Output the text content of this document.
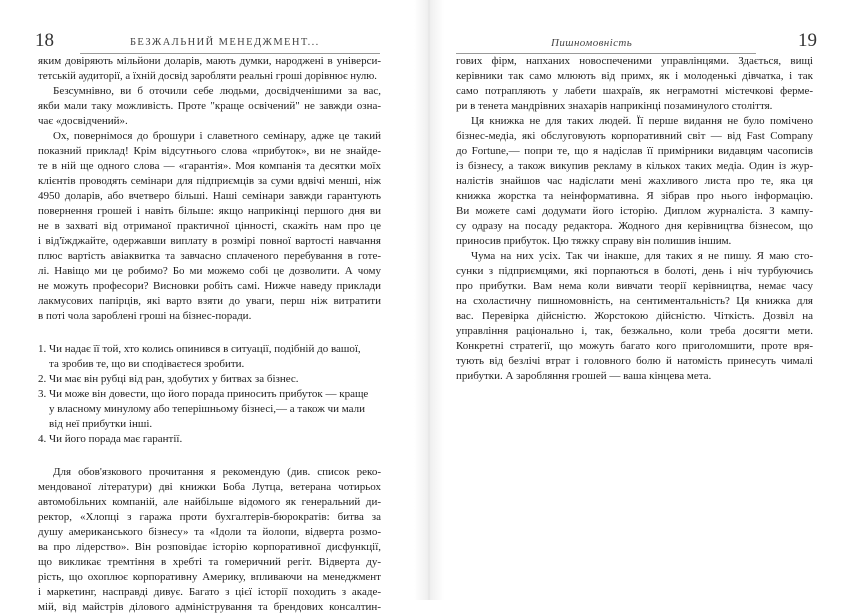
18	БЕЗЖАЛЬНИЙ МЕНЕДЖМЕНТ...
яким довіряють мільйони доларів, мають думки, народжені в універси-
тетській аудиторії, а їхній досвід заробляти реальні гроші дорівнює нулю.
Безсумнівно, ви б оточили себе людьми, досвідченішими за вас,
якби мали таку можливість. Проте "краще освічений" не завжди озна-
чає «досвідчений».
Ох, повернімося до брошури і славетного семінару, адже це такий
показний приклад! Крім відсутнього слова «прибуток», ви не знайде-
те в ній ще одного слова — «гарантія». Моя компанія та десятки моїх
клієнтів проводять семінари для підприємців за суми вдвічі менші, ніж
4950 доларів, або вчетверо більші. Наші семінари завжди гарантують
повернення грошей і навіть більше: якщо наприкінці першого дня ви
не в захваті від отриманої практичної цінності, скажіть нам про це
і від'їжджайте, одержавши виплату в розмірі повної вартості навчання
плюс вартість авіаквитка та завчасно сплаченого перебування в готе-
лі. Навіщо ми це робимо? Бо ми можемо собі це дозволити. А чому
не можуть професори? Висновки робіть самі. Нижче наведу приклади
лакмусових папірців, які варто взяти до уваги, перш ніж витратити
в поті чола зароблені гроші на бізнес-поради.
1. Чи надає її той, хто колись опинився в ситуації, подібній до вашої,
та зробив те, що ви сподіваєтеся зробити.
2. Чи має він рубці від ран, здобутих у битвах за бізнес.
3. Чи може він довести, що його порада приносить прибуток — краще
у власному минулому або теперішньому бізнесі,— а також чи мали
від неї прибутки інші.
4. Чи його порада має гарантії.
Для обов'язкового прочитання я рекомендую (див. список реко-
мендованої літератури) дві книжки Боба Лутца, ветерана чотирьох
автомобільних компаній, але найбільше відомого як генеральний ди-
ректор, «Хлопці з гаража проти бухгалтерів-бюрократів: битва за
душу американського бізнесу» та «Ідоли та йолопи, відверта розмо-
ва про лідерство». Він розповідає історію корпоративної дисфункції,
що викликає тремтіння в хребті та гомеричний регіт. Відверта ду-
рість, що охоплює корпоративну Америку, впливаючи на менеджмент
і маркетинг, насправді дивує. Багато з цієї історії походить з акаде-
мій, від майстрів ділового адміністрування та брендових консалтин-
Пишномовність	19
гових фірм, напханих новоспеченими управлінцями. Здається, вищі
керівники так само млюють від примх, як і молоденькі дівчатка, і так
само потрапляють у лабети шахраїв, як неграмотні містечкові ферме-
ри в тенета мандрівних знахарів наприкінці позаминулого століття.
Ця книжка не для таких людей. Її перше видання не було помічено
бізнес-медіа, які обслуговують корпоративний світ — від Fast Company
до Fortune,— попри те, що я надіслав її примірники видавцям часописів
із бізнесу, а також викупив рекламу в кількох таких медіа. Один із жур-
налістів знайшов час надіслати мені жахливого листа про те, яка ця
книжка жорстка та неінформативна. Я зібрав про нього інформацію.
Ви можете самі додумати його історію. Диплом журналіста. З кампу-
су одразу на посаду редактора. Жодного дня керівництва бізнесом, що
приносив прибуток. Цю тяжку справу він полишив іншим.
Чума на них усіх. Так чи інакше, для таких я не пишу. Я маю сто-
сунки з підприємцями, які порпаються в болоті, день і ніч турбуючись
про прибутки. Вам нема коли вивчати теорії керівництва, немає часу
на схоластичну пишномовність, на сентиментальність? Ця книжка для
вас. Перевірка дійсністю. Жорстокою дійсністю. Чіткість. Дозвіл на
управління раціонально і, так, безжально, коли треба досягти мети.
Конкретні стратегії, що можуть багато кого приголомшити, проте вря-
тують від безлічі втрат і головного болю й натомість принесуть чималі
прибутки. А заробляння грошей — ваша кінцева мета.
